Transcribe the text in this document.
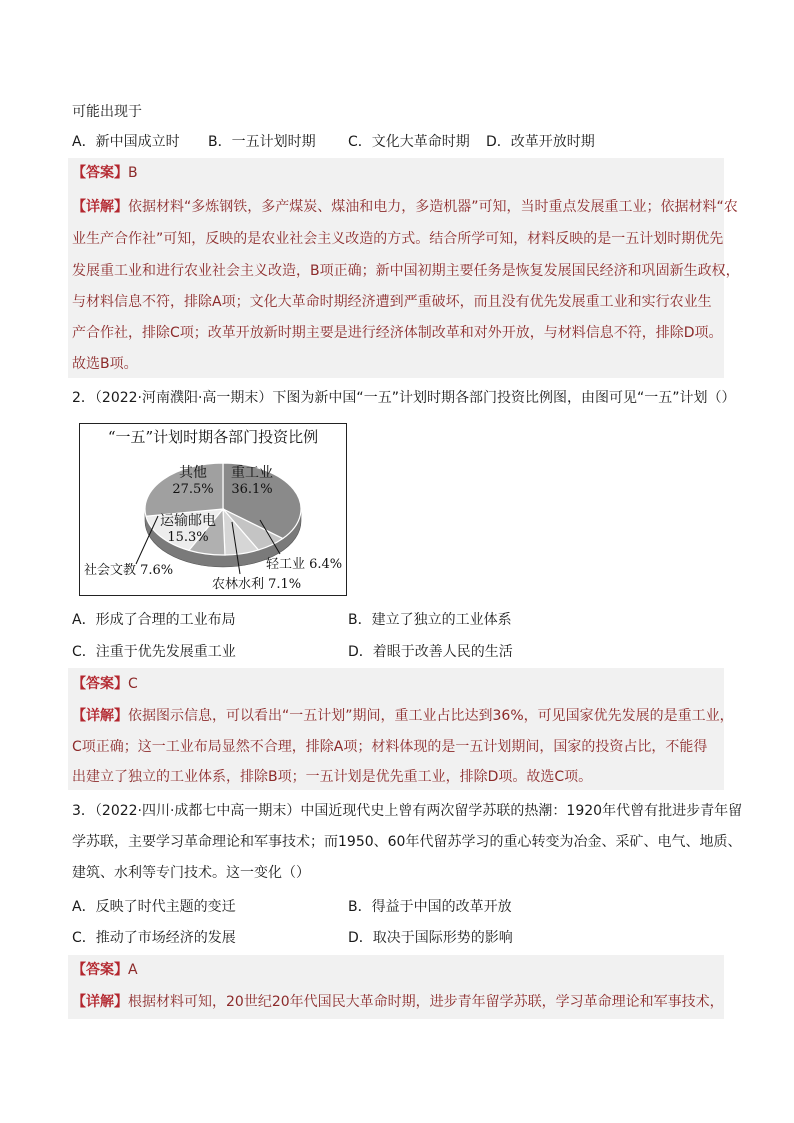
可能出现于
A．新中国成立时 B．一五计划时期 C．文化大革命时期 D．改革开放时期
【答案】B
【详解】依据材料“多炼钢铁，多产煤炭、煤油和电力，多造机器”可知，当时重点发展重工业；依据材料“农
业生产合作社”可知，反映的是农业社会主义改造的方式。结合所学可知，材料反映的是一五计划时期优先
发展重工业和进行农业社会主义改造，B项正确；新中国初期主要任务是恢复发展国民经济和巩固新生政权，
与材料信息不符，排除A项；文化大革命时期经济遭到严重破坏，而且没有优先发展重工业和实行农业生
产合作社，排除C项；改革开放新时期主要是进行经济体制改革和对外开放，与材料信息不符，排除D项。
故选B项。
2．（2022·河南濮阳·高一期末）下图为新中国“一五”计划时期各部门投资比例图，由图可见“一五”计划（）
“一五”计划时期各部门投资比例
其他
27.5%
重工业
36.1%
运输邮电
15.3%
轻工业 6.4%
社会文教 7.6%
农林水利 7.1%
A．形成了合理的工业布局	B．建立了独立的工业体系
C．注重于优先发展重工业	D．着眼于改善人民的生活
【答案】C
【详解】依据图示信息，可以看出“一五计划”期间，重工业占比达到36%，可见国家优先发展的是重工业，
C项正确；这一工业布局显然不合理，排除A项；材料体现的是一五计划期间，国家的投资占比，不能得
出建立了独立的工业体系，排除B项；一五计划是优先重工业，排除D项。故选C项。
3．（2022·四川·成都七中高一期末）中国近现代史上曾有两次留学苏联的热潮：1920年代曾有批进步青年留
学苏联，主要学习革命理论和军事技术；而1950、60年代留苏学习的重心转变为冶金、采矿、电气、地质、
建筑、水利等专门技术。这一变化（）
A．反映了时代主题的变迁	B．得益于中国的改革开放
C．推动了市场经济的发展	D．取决于国际形势的影响
【答案】A
【详解】根据材料可知，20世纪20年代国民大革命时期，进步青年留学苏联，学习革命理论和军事技术，
